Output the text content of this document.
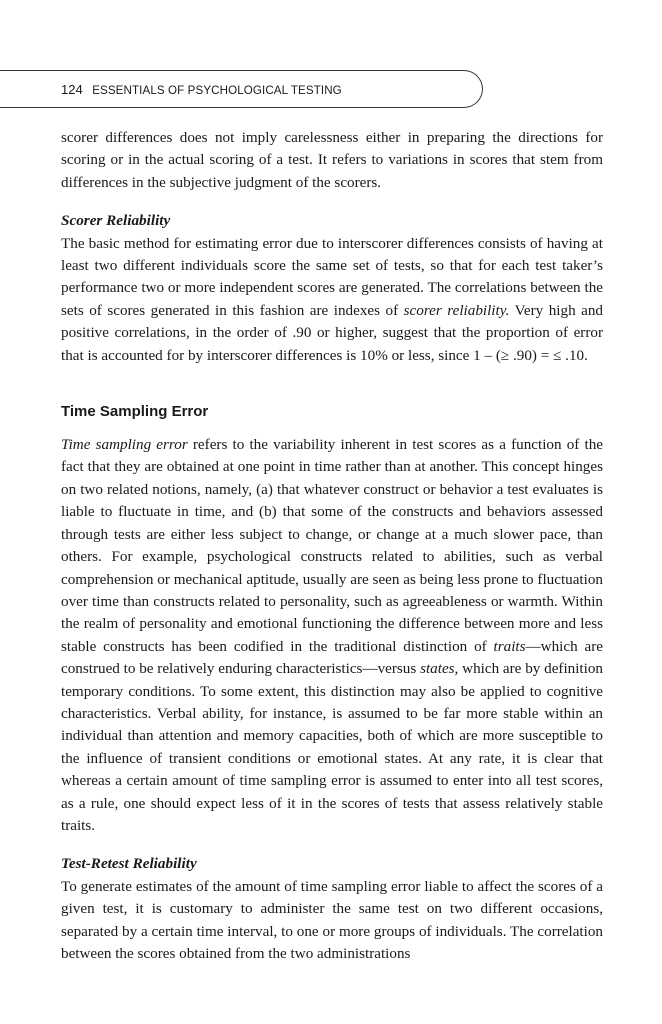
124 ESSENTIALS OF PSYCHOLOGICAL TESTING

scorer differences does not imply carelessness either in preparing the directions for scoring or in the actual scoring of a test. It refers to variations in scores that stem from differences in the subjective judgment of the scorers.

Scorer Reliability

The basic method for estimating error due to interscorer differences consists of having at least two different individuals score the same set of tests, so that for each test taker’s performance two or more independent scores are generated. The correlations between the sets of scores generated in this fashion are indexes of scorer reliability. Very high and positive correlations, in the order of .90 or higher, suggest that the proportion of error that is accounted for by interscorer differences is 10% or less, since 1 – (≥ .90) = ≤ .10.

Time Sampling Error

Time sampling error refers to the variability inherent in test scores as a function of the fact that they are obtained at one point in time rather than at another. This concept hinges on two related notions, namely, (a) that whatever construct or behavior a test evaluates is liable to fluctuate in time, and (b) that some of the constructs and behaviors assessed through tests are either less subject to change, or change at a much slower pace, than others. For example, psychological constructs related to abilities, such as verbal comprehension or mechanical aptitude, usually are seen as being less prone to fluctuation over time than constructs related to personality, such as agreeableness or warmth. Within the realm of personality and emotional functioning the difference between more and less stable constructs has been codified in the traditional distinction of traits—which are construed to be relatively enduring characteristics—versus states, which are by definition temporary conditions. To some extent, this distinction may also be applied to cognitive characteristics. Verbal ability, for instance, is assumed to be far more stable within an individual than attention and memory capacities, both of which are more susceptible to the influence of transient conditions or emotional states. At any rate, it is clear that whereas a certain amount of time sampling error is assumed to enter into all test scores, as a rule, one should expect less of it in the scores of tests that assess relatively stable traits.

Test-Retest Reliability

To generate estimates of the amount of time sampling error liable to affect the scores of a given test, it is customary to administer the same test on two different occasions, separated by a certain time interval, to one or more groups of individuals. The correlation between the scores obtained from the two administrations
